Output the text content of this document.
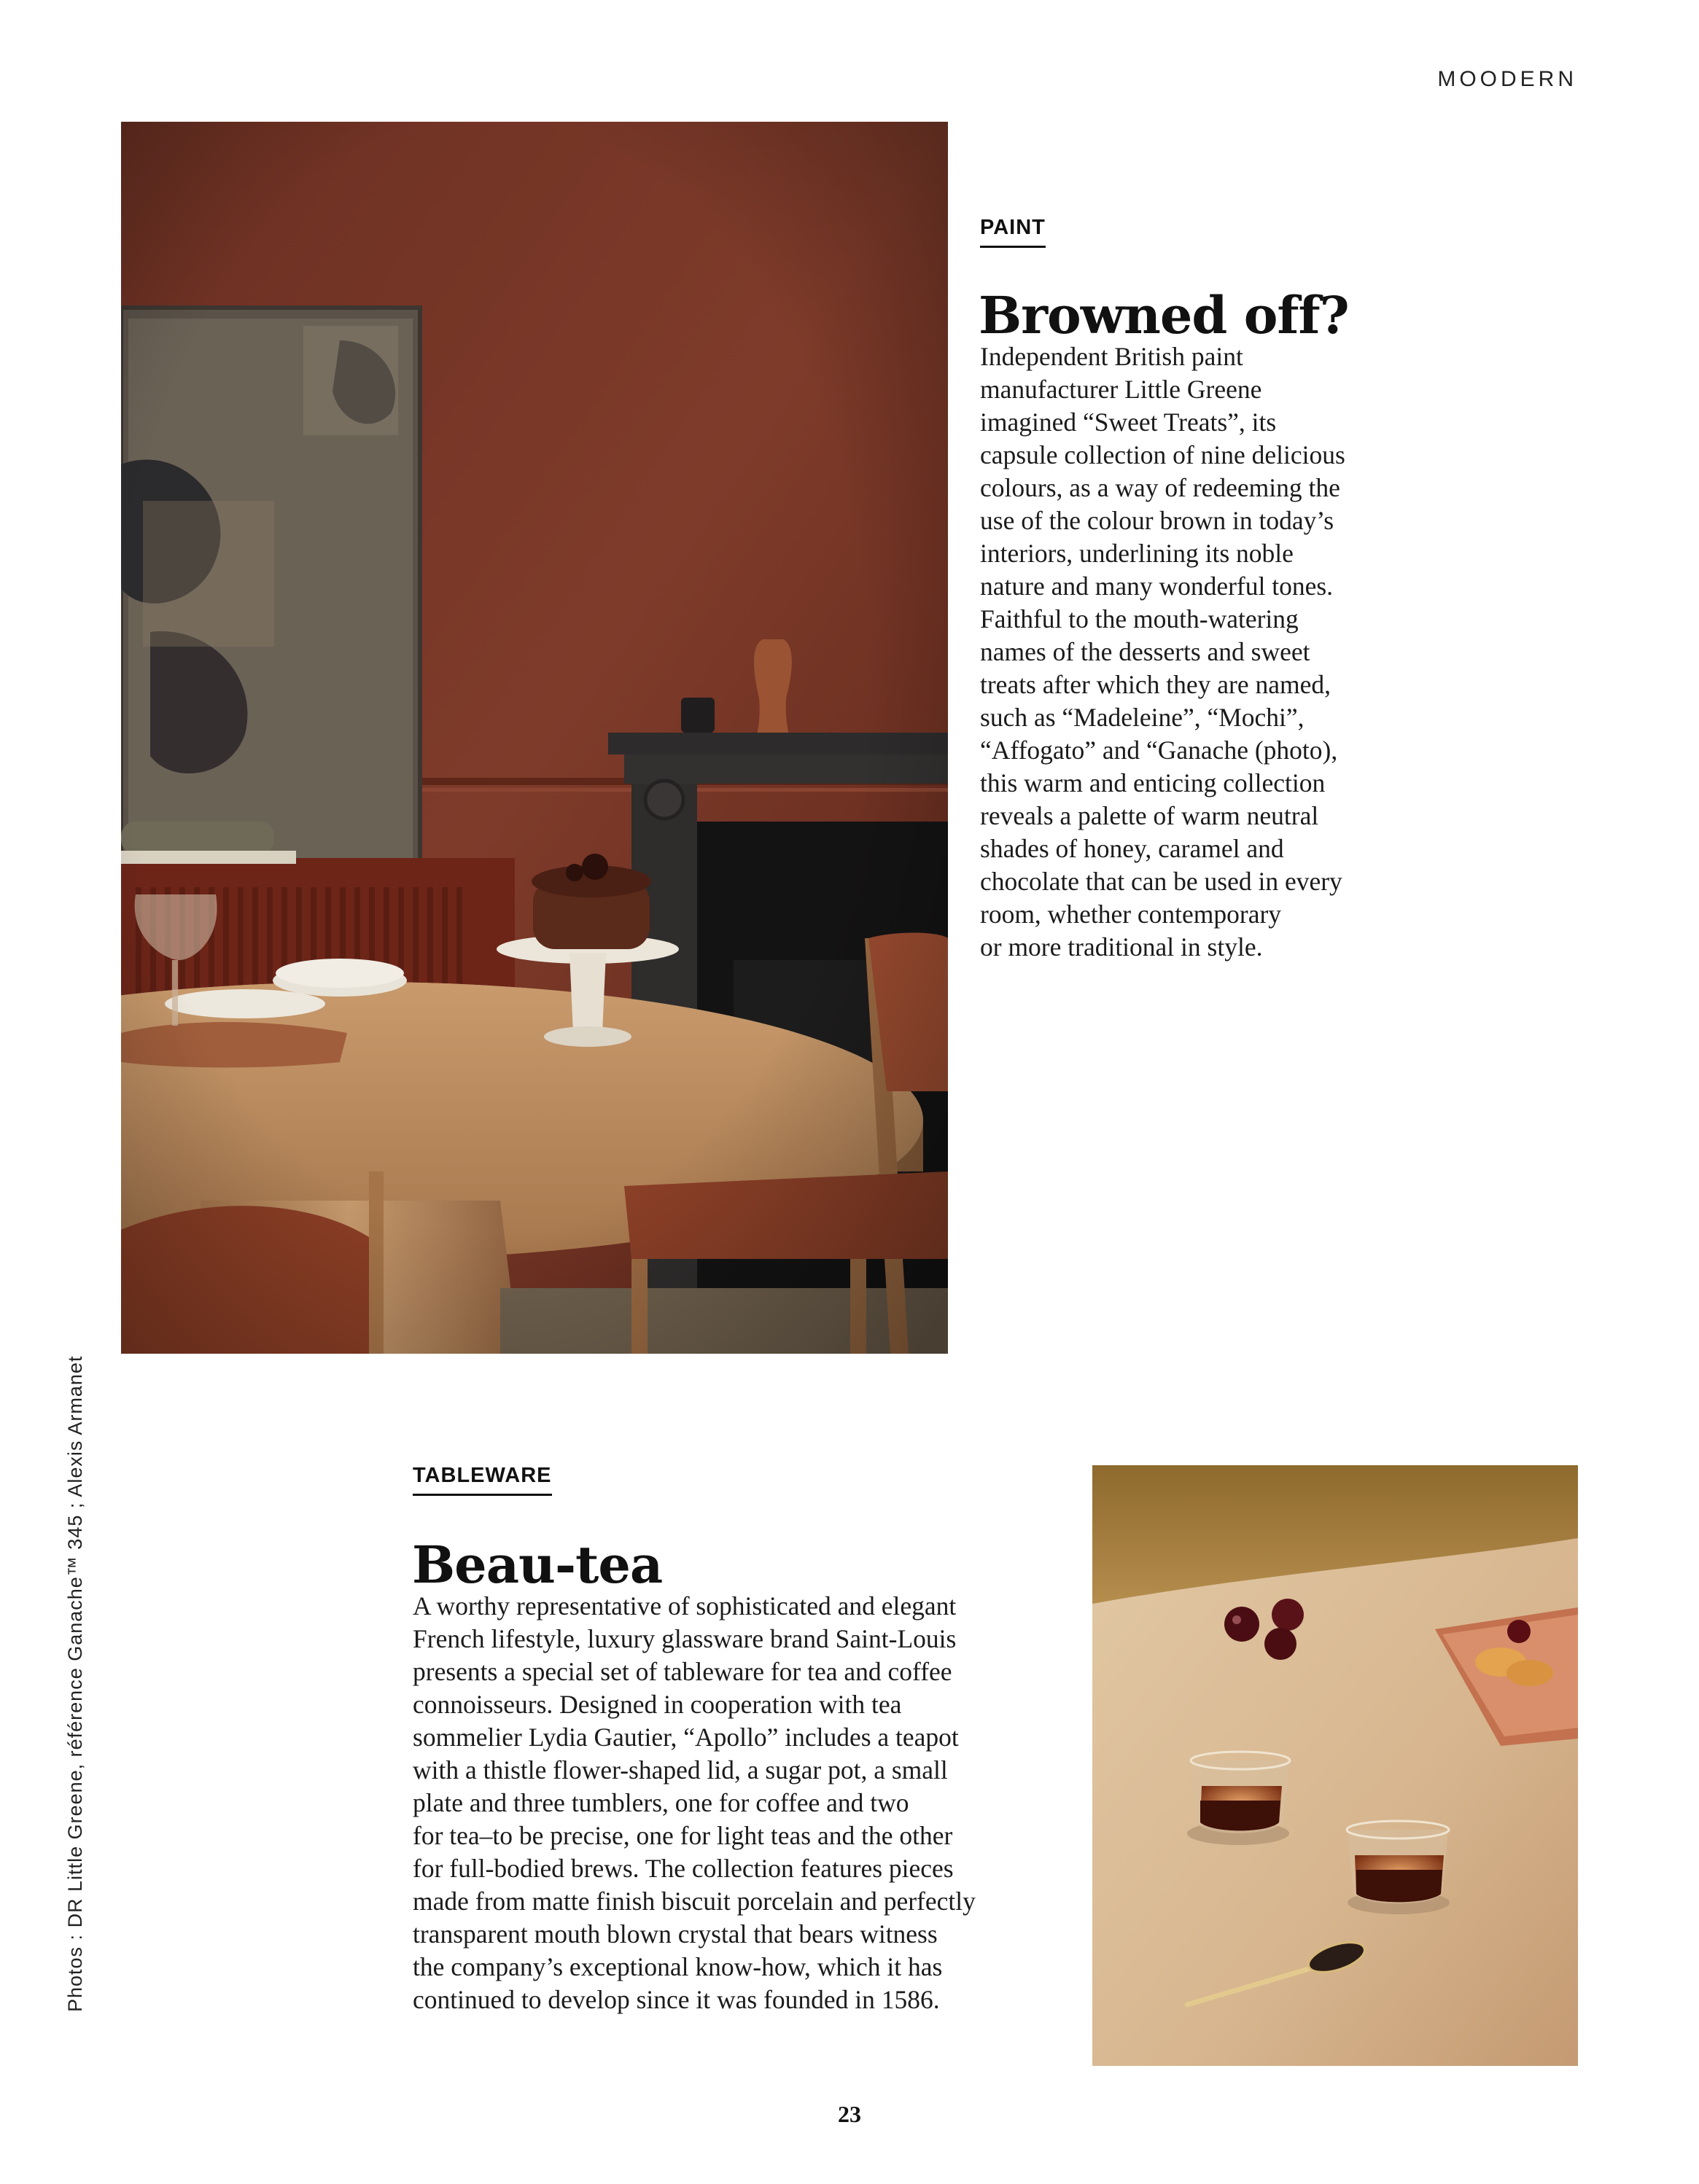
MOODERN
PAINT
Browned off?
Independent British paint
manufacturer Little Greene
imagined “Sweet Treats”, its
capsule collection of nine delicious
colours, as a way of redeeming the
use of the colour brown in today’s
interiors, underlining its noble
nature and many wonderful tones.
Faithful to the mouth-watering
names of the desserts and sweet
treats after which they are named,
such as “Madeleine”, “Mochi”,
“Affogato” and “Ganache (photo),
this warm and enticing collection
reveals a palette of warm neutral
shades of honey, caramel and
chocolate that can be used in every
room, whether contemporary
or more traditional in style.
TABLEWARE
Beau-tea
A worthy representative of sophisticated and elegant
French lifestyle, luxury glassware brand Saint-Louis
presents a special set of tableware for tea and coffee
connoisseurs. Designed in cooperation with tea
sommelier Lydia Gautier, “Apollo” includes a teapot
with a thistle flower-shaped lid, a sugar pot, a small
plate and three tumblers, one for coffee and two
for tea–to be precise, one for light teas and the other
for full-bodied brews. The collection features pieces
made from matte finish biscuit porcelain and perfectly
transparent mouth blown crystal that bears witness
the company’s exceptional know-how, which it has
continued to develop since it was founded in 1586.
Photos : DR Little Greene, référence Ganache™ 345 ; Alexis Armanet
23
